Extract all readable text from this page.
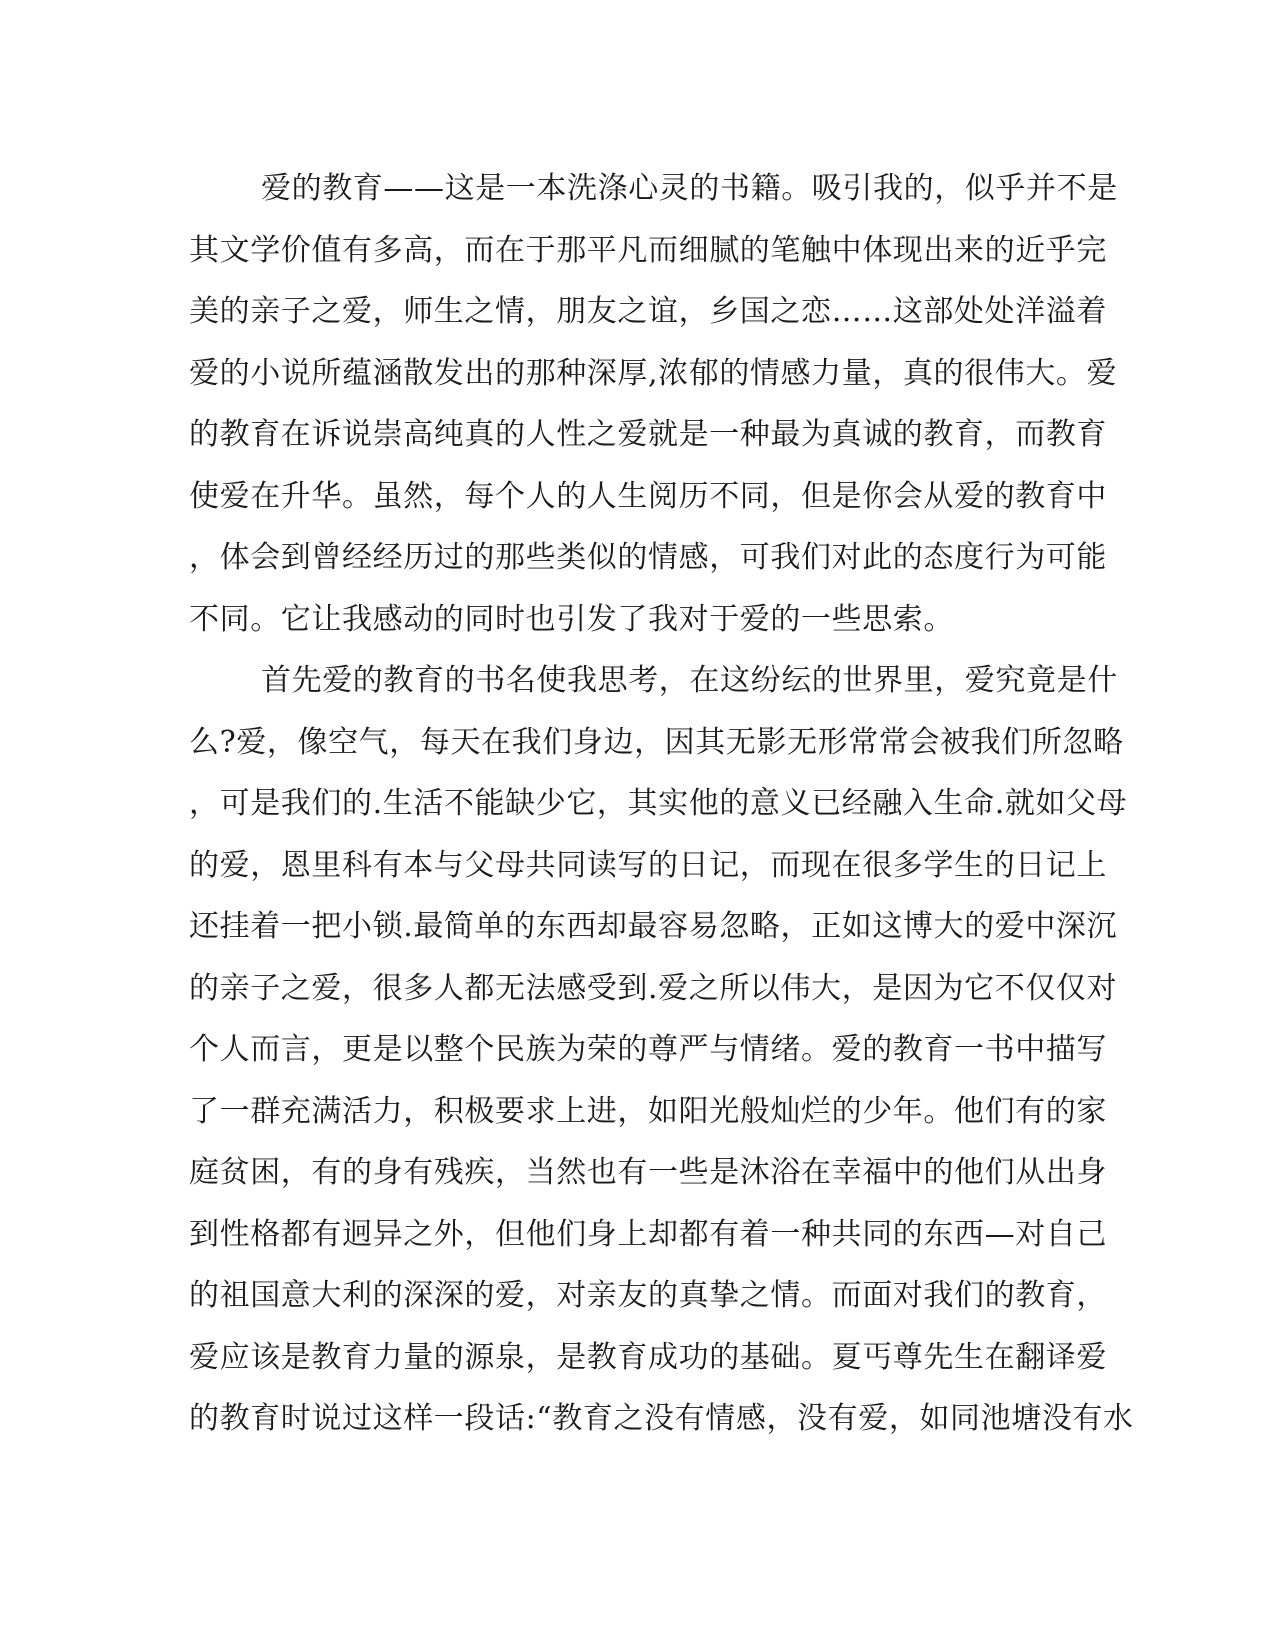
爱的教育——这是一本洗涤心灵的书籍。吸引我的，似乎并不是
其文学价值有多高，而在于那平凡而细腻的笔触中体现出来的近乎完
美的亲子之爱，师生之情，朋友之谊，乡国之恋……这部处处洋溢着
爱的小说所蕴涵散发出的那种深厚,浓郁的情感力量，真的很伟大。爱
的教育在诉说崇高纯真的人性之爱就是一种最为真诚的教育，而教育
使爱在升华。虽然，每个人的人生阅历不同，但是你会从爱的教育中
，体会到曾经经历过的那些类似的情感，可我们对此的态度行为可能
不同。它让我感动的同时也引发了我对于爱的一些思索。
首先爱的教育的书名使我思考，在这纷纭的世界里，爱究竟是什
么?爱，像空气，每天在我们身边，因其无影无形常常会被我们所忽略
，可是我们的.生活不能缺少它，其实他的意义已经融入生命.就如父母
的爱，恩里科有本与父母共同读写的日记，而现在很多学生的日记上
还挂着一把小锁.最简单的东西却最容易忽略，正如这博大的爱中深沉
的亲子之爱，很多人都无法感受到.爱之所以伟大，是因为它不仅仅对
个人而言，更是以整个民族为荣的尊严与情绪。爱的教育一书中描写
了一群充满活力，积极要求上进，如阳光般灿烂的少年。他们有的家
庭贫困，有的身有残疾，当然也有一些是沐浴在幸福中的他们从出身
到性格都有迥异之外，但他们身上却都有着一种共同的东西—对自己
的祖国意大利的深深的爱，对亲友的真挚之情。而面对我们的教育，
爱应该是教育力量的源泉，是教育成功的基础。夏丐尊先生在翻译爱
的教育时说过这样一段话:“教育之没有情感，没有爱，如同池塘没有水
